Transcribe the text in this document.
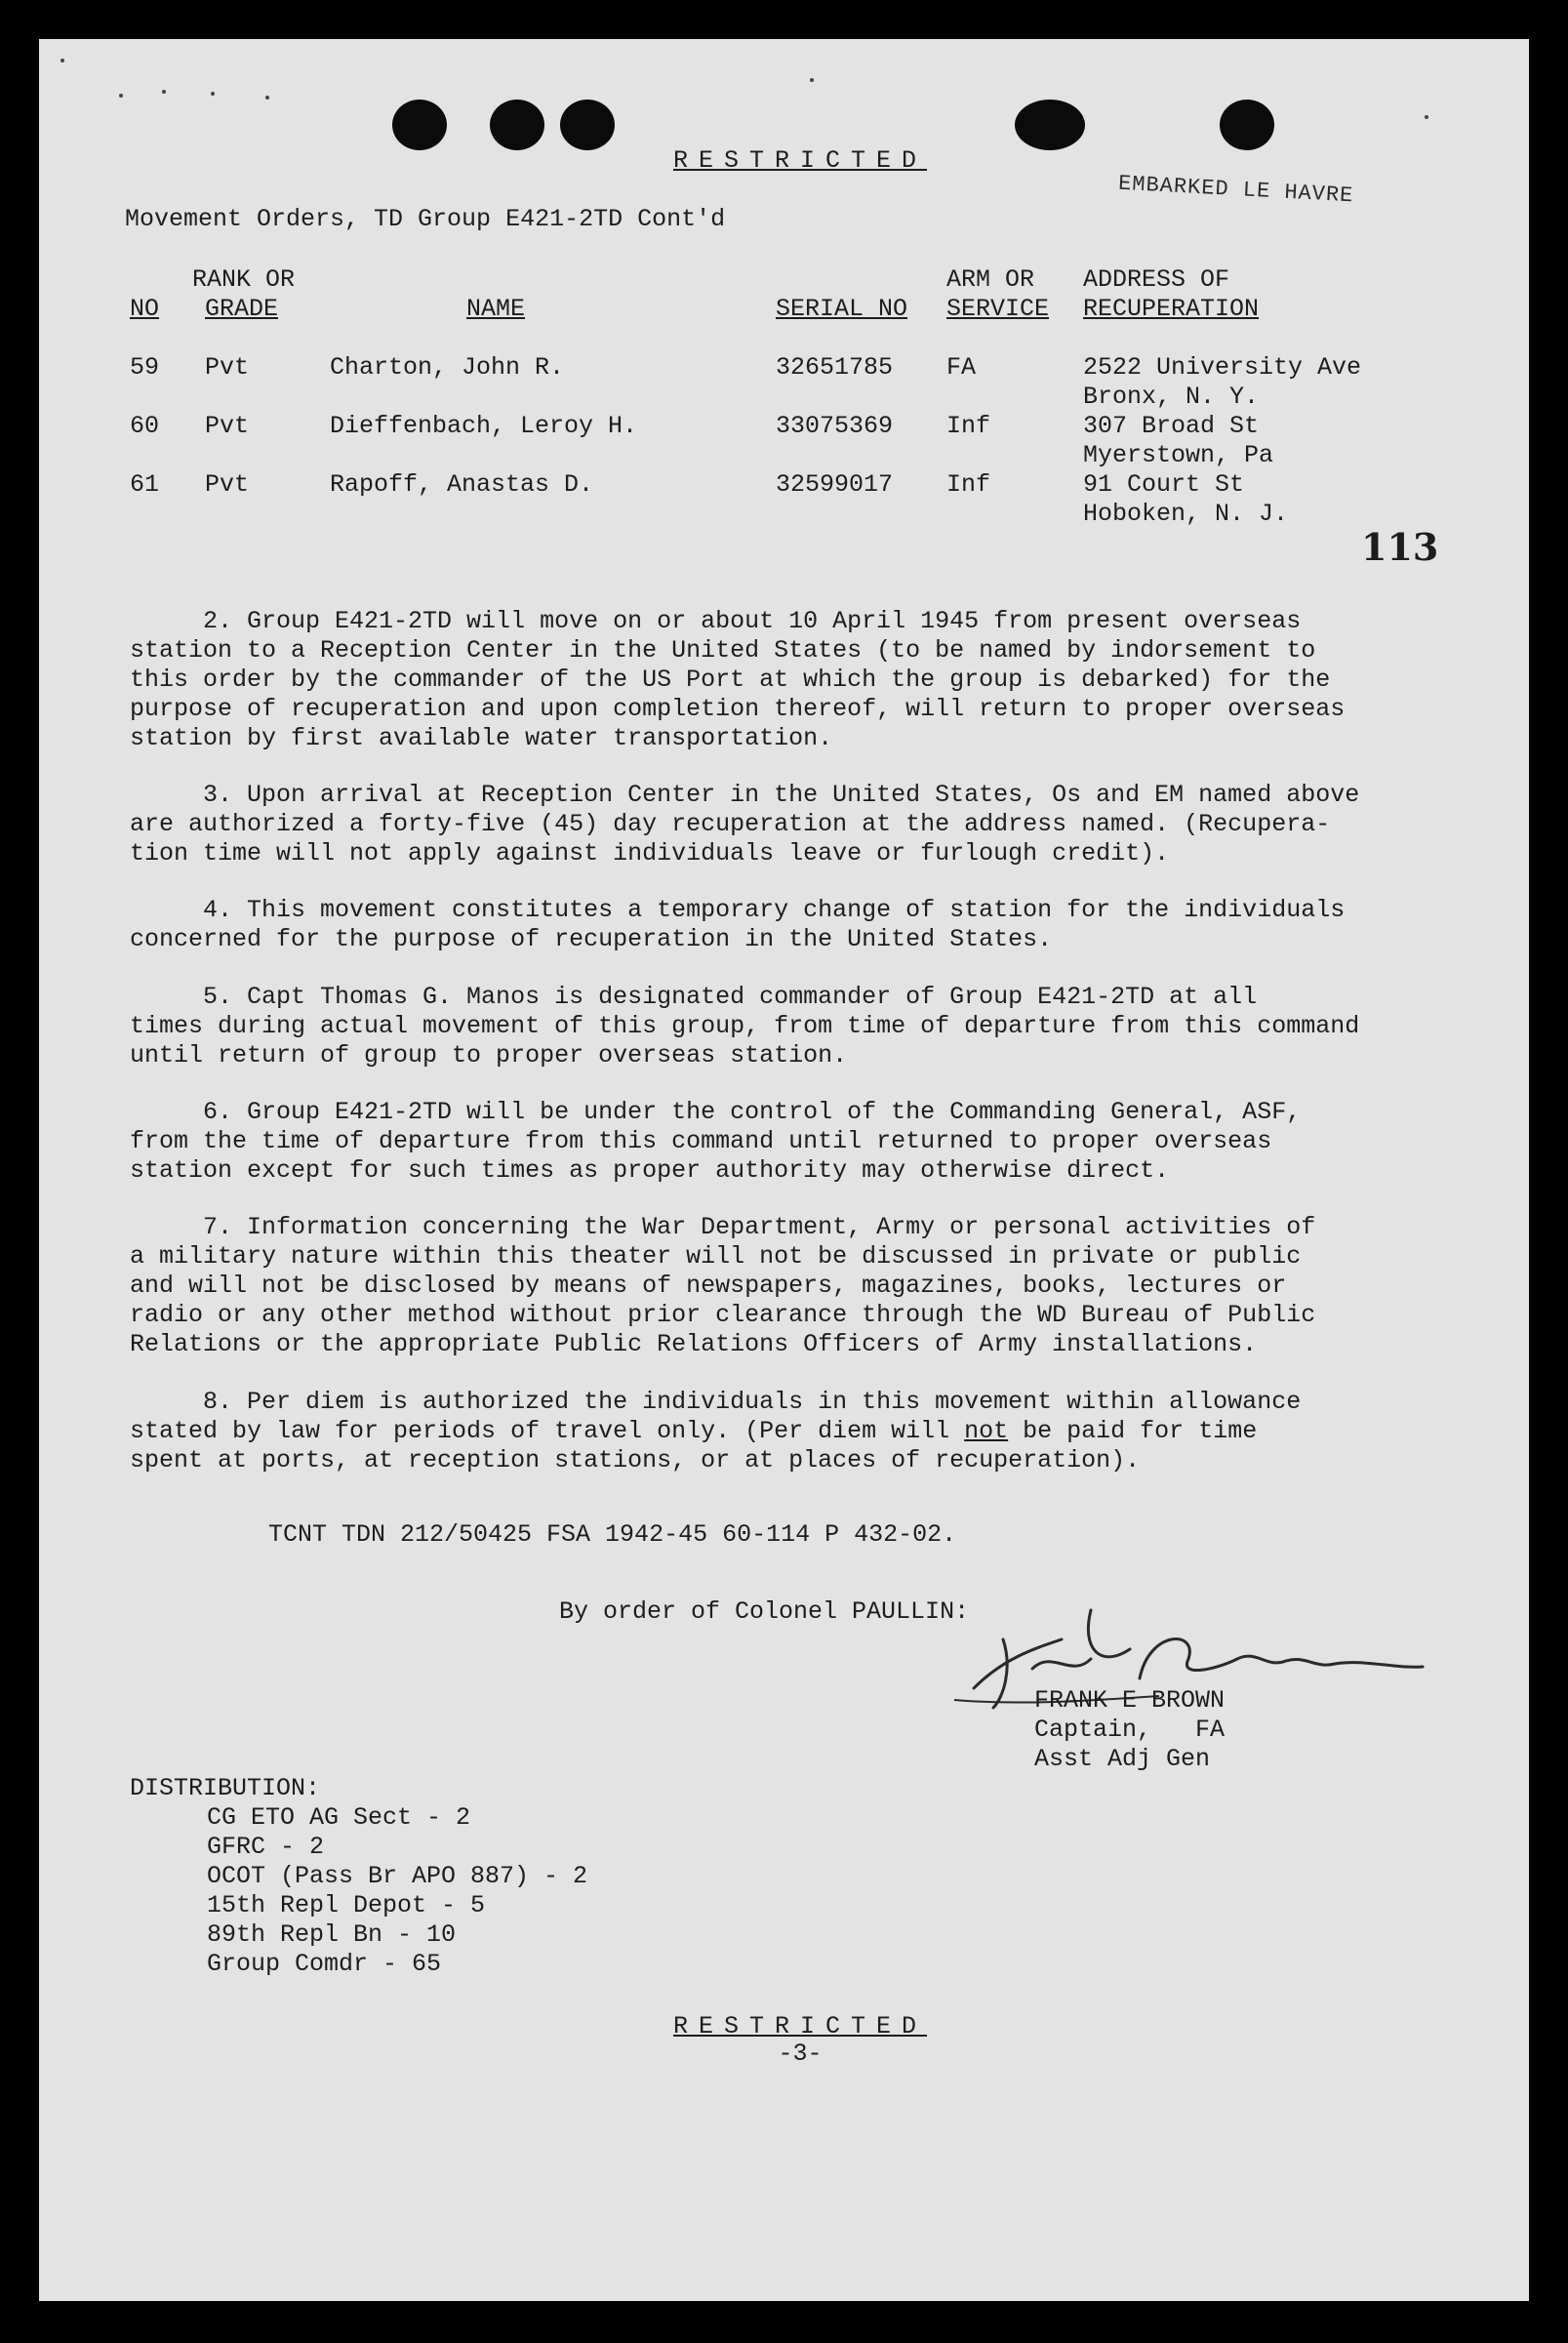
RESTRICTED
EMBARKED LE HAVRE
Movement Orders, TD Group E421-2TD Cont'd
RANK OR	ARM OR ADDRESS OF
NO GRADE	NAME	SERIAL NO SERVICE RECUPERATION
59 Pvt	Charton, John R.	32651785 FA	2522 University Ave
Bronx, N. Y.
60 Pvt	Dieffenbach, Leroy H.	33075369 Inf	307 Broad St
Myerstown, Pa
61 Pvt	Rapoff, Anastas D.	32599017 Inf	91 Court St
Hoboken, N. J.
113
2. Group E421-2TD will move on or about 10 April 1945 from present overseas
station to a Reception Center in the United States (to be named by indorsement to
this order by the commander of the US Port at which the group is debarked) for the
purpose of recuperation and upon completion thereof, will return to proper overseas
station by first available water transportation.
3. Upon arrival at Reception Center in the United States, Os and EM named above
are authorized a forty-five (45) day recuperation at the address named. (Recupera-
tion time will not apply against individuals leave or furlough credit).
4. This movement constitutes a temporary change of station for the individuals
concerned for the purpose of recuperation in the United States.
5. Capt Thomas G. Manos is designated commander of Group E421-2TD at all
times during actual movement of this group, from time of departure from this command
until return of group to proper overseas station.
6. Group E421-2TD will be under the control of the Commanding General, ASF,
from the time of departure from this command until returned to proper overseas
station except for such times as proper authority may otherwise direct.
7. Information concerning the War Department, Army or personal activities of
a military nature within this theater will not be discussed in private or public
and will not be disclosed by means of newspapers, magazines, books, lectures or
radio or any other method without prior clearance through the WD Bureau of Public
Relations or the appropriate Public Relations Officers of Army installations.
8. Per diem is authorized the individuals in this movement within allowance
stated by law for periods of travel only. (Per diem will not be paid for time
spent at ports, at reception stations, or at places of recuperation).
TCNT TDN 212/50425 FSA 1942-45 60-114 P 432-02.
By order of Colonel PAULLIN:
FRANK E BROWN
Captain,   FA
Asst Adj Gen
DISTRIBUTION:
CG ETO AG Sect - 2
GFRC - 2
OCOT (Pass Br APO 887) - 2
15th Repl Depot - 5
89th Repl Bn - 10
Group Comdr - 65
RESTRICTED
-3-
